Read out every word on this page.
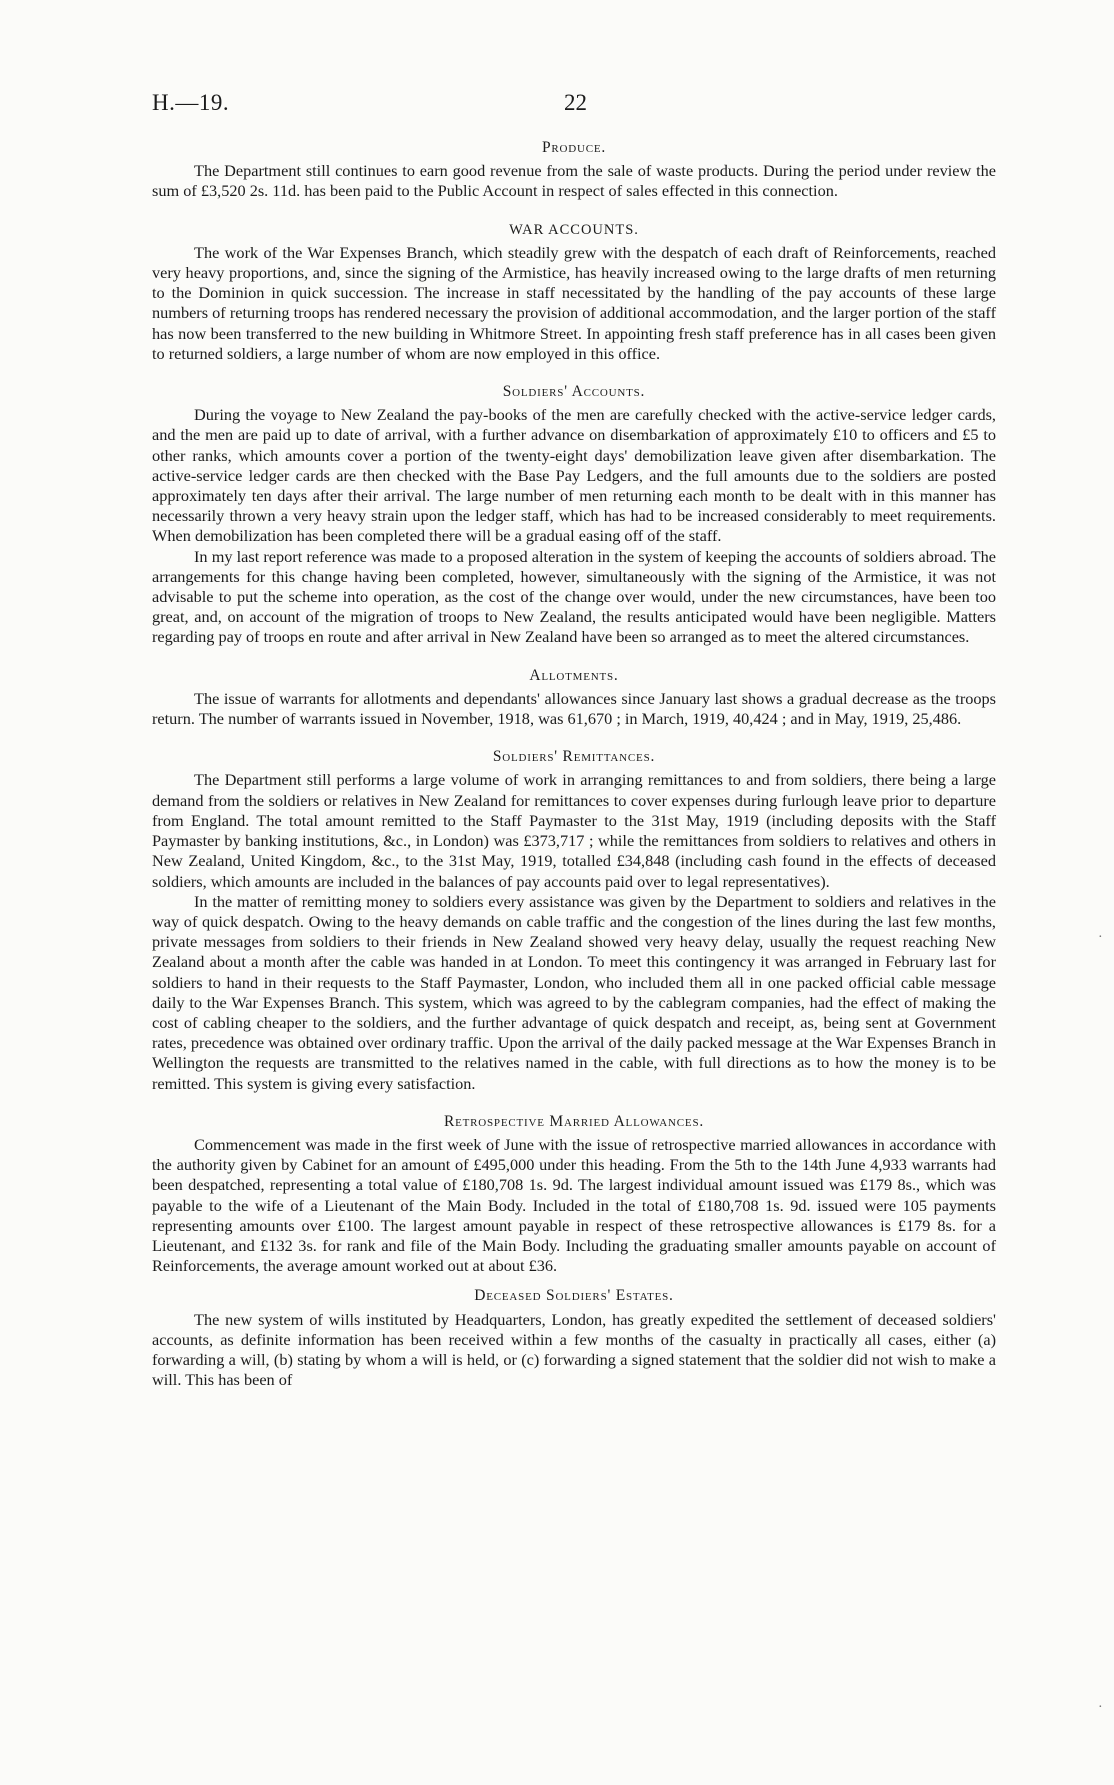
H.—19.	22
Produce.

The Department still continues to earn good revenue from the sale of waste products. During the period under review the sum of £3,520 2s. 11d. has been paid to the Public Account in respect of sales effected in this connection.

WAR ACCOUNTS.

The work of the War Expenses Branch, which steadily grew with the despatch of each draft of Reinforcements, reached very heavy proportions, and, since the signing of the Armistice, has heavily increased owing to the large drafts of men returning to the Dominion in quick succession. The increase in staff necessitated by the handling of the pay accounts of these large numbers of returning troops has rendered necessary the provision of additional accommodation, and the larger portion of the staff has now been transferred to the new building in Whitmore Street. In appointing fresh staff preference has in all cases been given to returned soldiers, a large number of whom are now employed in this office.

Soldiers' Accounts.

During the voyage to New Zealand the pay-books of the men are carefully checked with the active-service ledger cards, and the men are paid up to date of arrival, with a further advance on disembarkation of approximately £10 to officers and £5 to other ranks, which amounts cover a portion of the twenty-eight days' demobilization leave given after disembarkation. The active-service ledger cards are then checked with the Base Pay Ledgers, and the full amounts due to the soldiers are posted approximately ten days after their arrival. The large number of men returning each month to be dealt with in this manner has necessarily thrown a very heavy strain upon the ledger staff, which has had to be increased considerably to meet requirements. When demobilization has been completed there will be a gradual easing off of the staff.

In my last report reference was made to a proposed alteration in the system of keeping the accounts of soldiers abroad. The arrangements for this change having been completed, however, simultaneously with the signing of the Armistice, it was not advisable to put the scheme into operation, as the cost of the change over would, under the new circumstances, have been too great, and, on account of the migration of troops to New Zealand, the results anticipated would have been negligible. Matters regarding pay of troops en route and after arrival in New Zealand have been so arranged as to meet the altered circumstances.

Allotments.

The issue of warrants for allotments and dependants' allowances since January last shows a gradual decrease as the troops return. The number of warrants issued in November, 1918, was 61,670 ; in March, 1919, 40,424 ; and in May, 1919, 25,486.

Soldiers' Remittances.

The Department still performs a large volume of work in arranging remittances to and from soldiers, there being a large demand from the soldiers or relatives in New Zealand for remittances to cover expenses during furlough leave prior to departure from England. The total amount remitted to the Staff Paymaster to the 31st May, 1919 (including deposits with the Staff Paymaster by banking institutions, &c., in London) was £373,717 ; while the remittances from soldiers to relatives and others in New Zealand, United Kingdom, &c., to the 31st May, 1919, totalled £34,848 (including cash found in the effects of deceased soldiers, which amounts are included in the balances of pay accounts paid over to legal representatives).

In the matter of remitting money to soldiers every assistance was given by the Department to soldiers and relatives in the way of quick despatch. Owing to the heavy demands on cable traffic and the congestion of the lines during the last few months, private messages from soldiers to their friends in New Zealand showed very heavy delay, usually the request reaching New Zealand about a month after the cable was handed in at London. To meet this contingency it was arranged in February last for soldiers to hand in their requests to the Staff Paymaster, London, who included them all in one packed official cable message daily to the War Expenses Branch. This system, which was agreed to by the cablegram companies, had the effect of making the cost of cabling cheaper to the soldiers, and the further advantage of quick despatch and receipt, as, being sent at Government rates, precedence was obtained over ordinary traffic. Upon the arrival of the daily packed message at the War Expenses Branch in Wellington the requests are transmitted to the relatives named in the cable, with full directions as to how the money is to be remitted. This system is giving every satisfaction.

Retrospective Married Allowances.

Commencement was made in the first week of June with the issue of retrospective married allowances in accordance with the authority given by Cabinet for an amount of £495,000 under this heading. From the 5th to the 14th June 4,933 warrants had been despatched, representing a total value of £180,708 1s. 9d. The largest individual amount issued was £179 8s., which was payable to the wife of a Lieutenant of the Main Body. Included in the total of £180,708 1s. 9d. issued were 105 payments representing amounts over £100. The largest amount payable in respect of these retrospective allowances is £179 8s. for a Lieutenant, and £132 3s. for rank and file of the Main Body. Including the graduating smaller amounts payable on account of Reinforcements, the average amount worked out at about £36.

Deceased Soldiers' Estates.

The new system of wills instituted by Headquarters, London, has greatly expedited the settlement of deceased soldiers' accounts, as definite information has been received within a few months of the casualty in practically all cases, either (a) forwarding a will, (b) stating by whom a will is held, or (c) forwarding a signed statement that the soldier did not wish to make a will. This has been of

·
·
